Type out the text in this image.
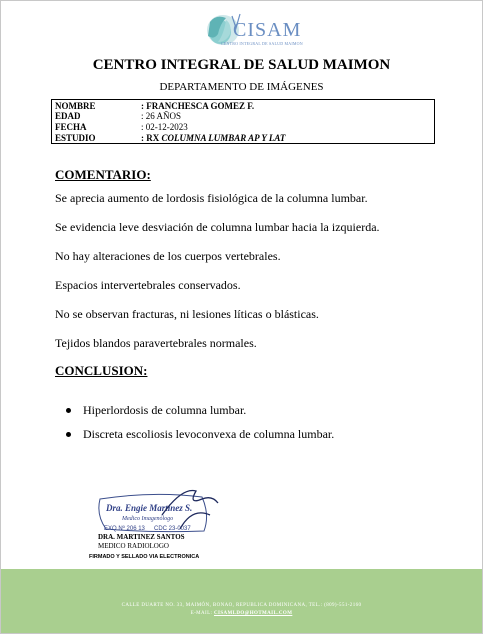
CISAM
CENTRO INTEGRAL DE SALUD MAIMON
CENTRO INTEGRAL DE SALUD MAIMON
DEPARTAMENTO DE IMÁGENES
NOMBRE	: FRANCHESCA GOMEZ F.
EDAD	: 26 AÑOS
FECHA	: 02-12-2023
ESTUDIO	: RX COLUMNA LUMBAR AP Y LAT
COMENTARIO:
Se aprecia aumento de lordosis fisiológica de la columna lumbar.
Se evidencia leve desviación de columna lumbar hacia la izquierda.
No hay alteraciones de los cuerpos vertebrales.
Espacios intervertebrales conservados.
No se observan fracturas, ni lesiones líticas o blásticas.
Tejidos blandos paravertebrales normales.
CONCLUSION:
Hiperlordosis de columna lumbar.
Discreta escoliosis levoconvexa de columna lumbar.
Dra. Engie Martinez S.
Medico Imagenólogo
EXQ Nº 206 13 CDC 23-0037
DRA. MARTINEZ SANTOS
MEDICO RADIOLOGO
FIRMADO Y SELLADO VIA ELECTRONICA
CALLE DUARTE NO. 33, MAIMÓN, BONAO, REPUBLICA DOMINICANA, TEL.: (809)-551-2160
E-MAIL: CISAMLDO@HOTMAIL.COM
